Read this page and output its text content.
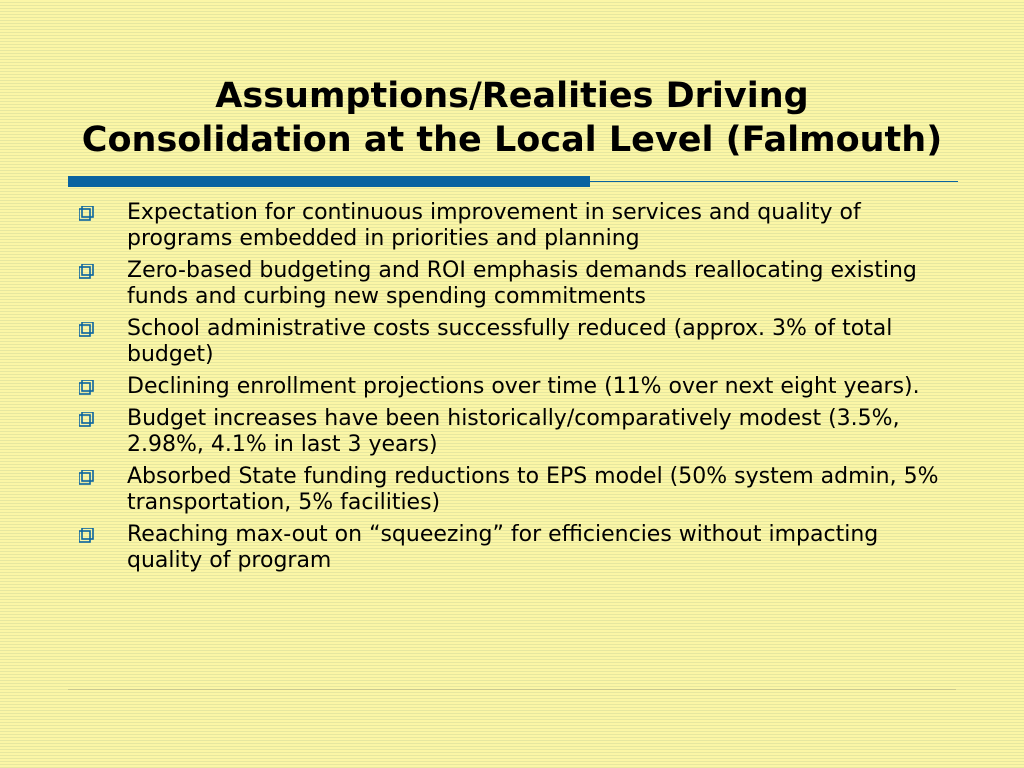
Assumptions/Realities Driving
Consolidation at the Local Level (Falmouth)
Expectation for continuous improvement in services and quality of programs embedded in priorities and planning
Zero-based budgeting and ROI emphasis demands reallocating existing funds and curbing new spending commitments
School administrative costs successfully reduced (approx. 3% of total budget)
Declining enrollment projections over time (11% over next eight years).
Budget increases have been historically/comparatively modest (3.5%, 2.98%, 4.1% in last 3 years)
Absorbed State funding reductions to EPS model (50% system admin, 5% transportation, 5% facilities)
Reaching max-out on “squeezing” for efficiencies without impacting quality of program
